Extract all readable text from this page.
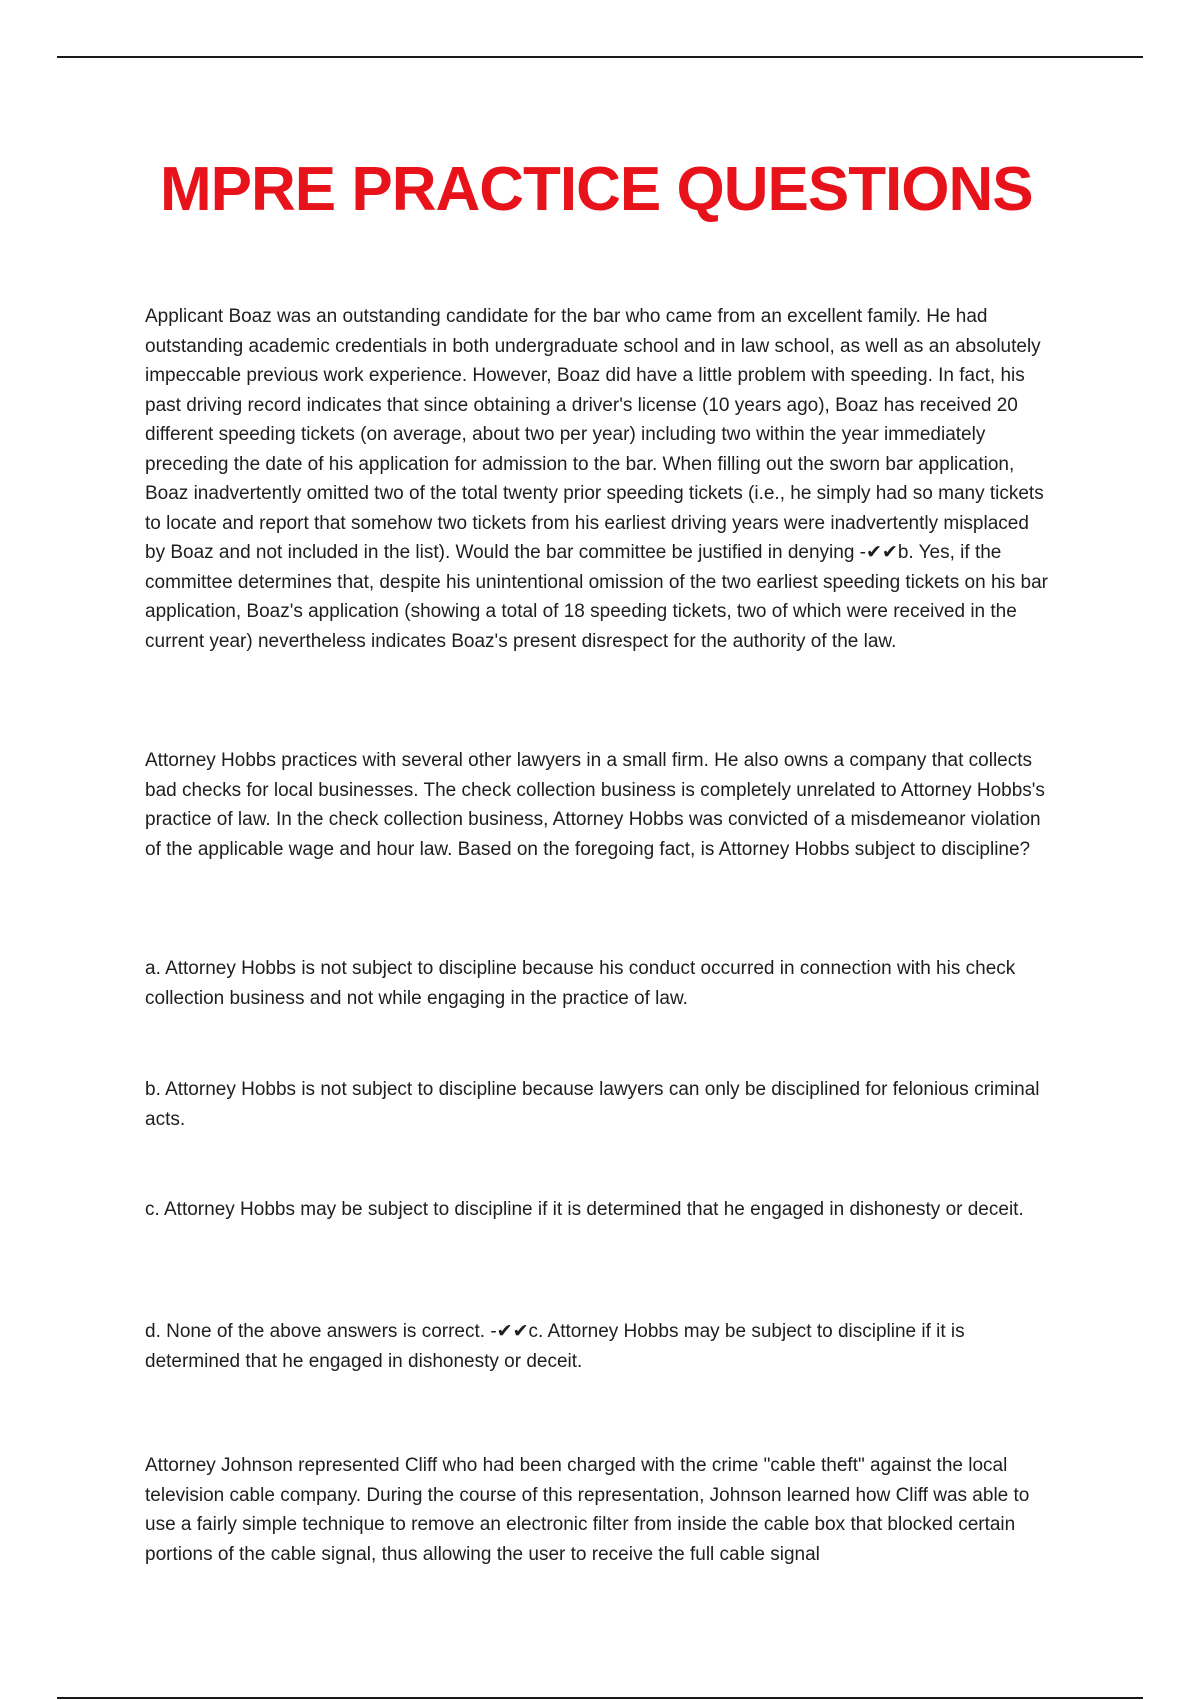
MPRE PRACTICE QUESTIONS

Applicant Boaz was an outstanding candidate for the bar who came from an excellent family. He had outstanding academic credentials in both undergraduate school and in law school, as well as an absolutely impeccable previous work experience. However, Boaz did have a little problem with speeding. In fact, his past driving record indicates that since obtaining a driver's license (10 years ago), Boaz has received 20 different speeding tickets (on average, about two per year) including two within the year immediately preceding the date of his application for admission to the bar. When filling out the sworn bar application, Boaz inadvertently omitted two of the total twenty prior speeding tickets (i.e., he simply had so many tickets to locate and report that somehow two tickets from his earliest driving years were inadvertently misplaced by Boaz and not included in the list). Would the bar committee be justified in denying -✔✔b. Yes, if the committee determines that, despite his unintentional omission of the two earliest speeding tickets on his bar application, Boaz's application (showing a total of 18 speeding tickets, two of which were received in the current year) nevertheless indicates Boaz's present disrespect for the authority of the law.

Attorney Hobbs practices with several other lawyers in a small firm. He also owns a company that collects bad checks for local businesses. The check collection business is completely unrelated to Attorney Hobbs's practice of law. In the check collection business, Attorney Hobbs was convicted of a misdemeanor violation of the applicable wage and hour law. Based on the foregoing fact, is Attorney Hobbs subject to discipline?

a. Attorney Hobbs is not subject to discipline because his conduct occurred in connection with his check collection business and not while engaging in the practice of law.

b. Attorney Hobbs is not subject to discipline because lawyers can only be disciplined for felonious criminal acts.

c. Attorney Hobbs may be subject to discipline if it is determined that he engaged in dishonesty or deceit.

d. None of the above answers is correct. -✔✔c. Attorney Hobbs may be subject to discipline if it is determined that he engaged in dishonesty or deceit.

Attorney Johnson represented Cliff who had been charged with the crime "cable theft" against the local television cable company. During the course of this representation, Johnson learned how Cliff was able to use a fairly simple technique to remove an electronic filter from inside the cable box that blocked certain portions of the cable signal, thus allowing the user to receive the full cable signal
